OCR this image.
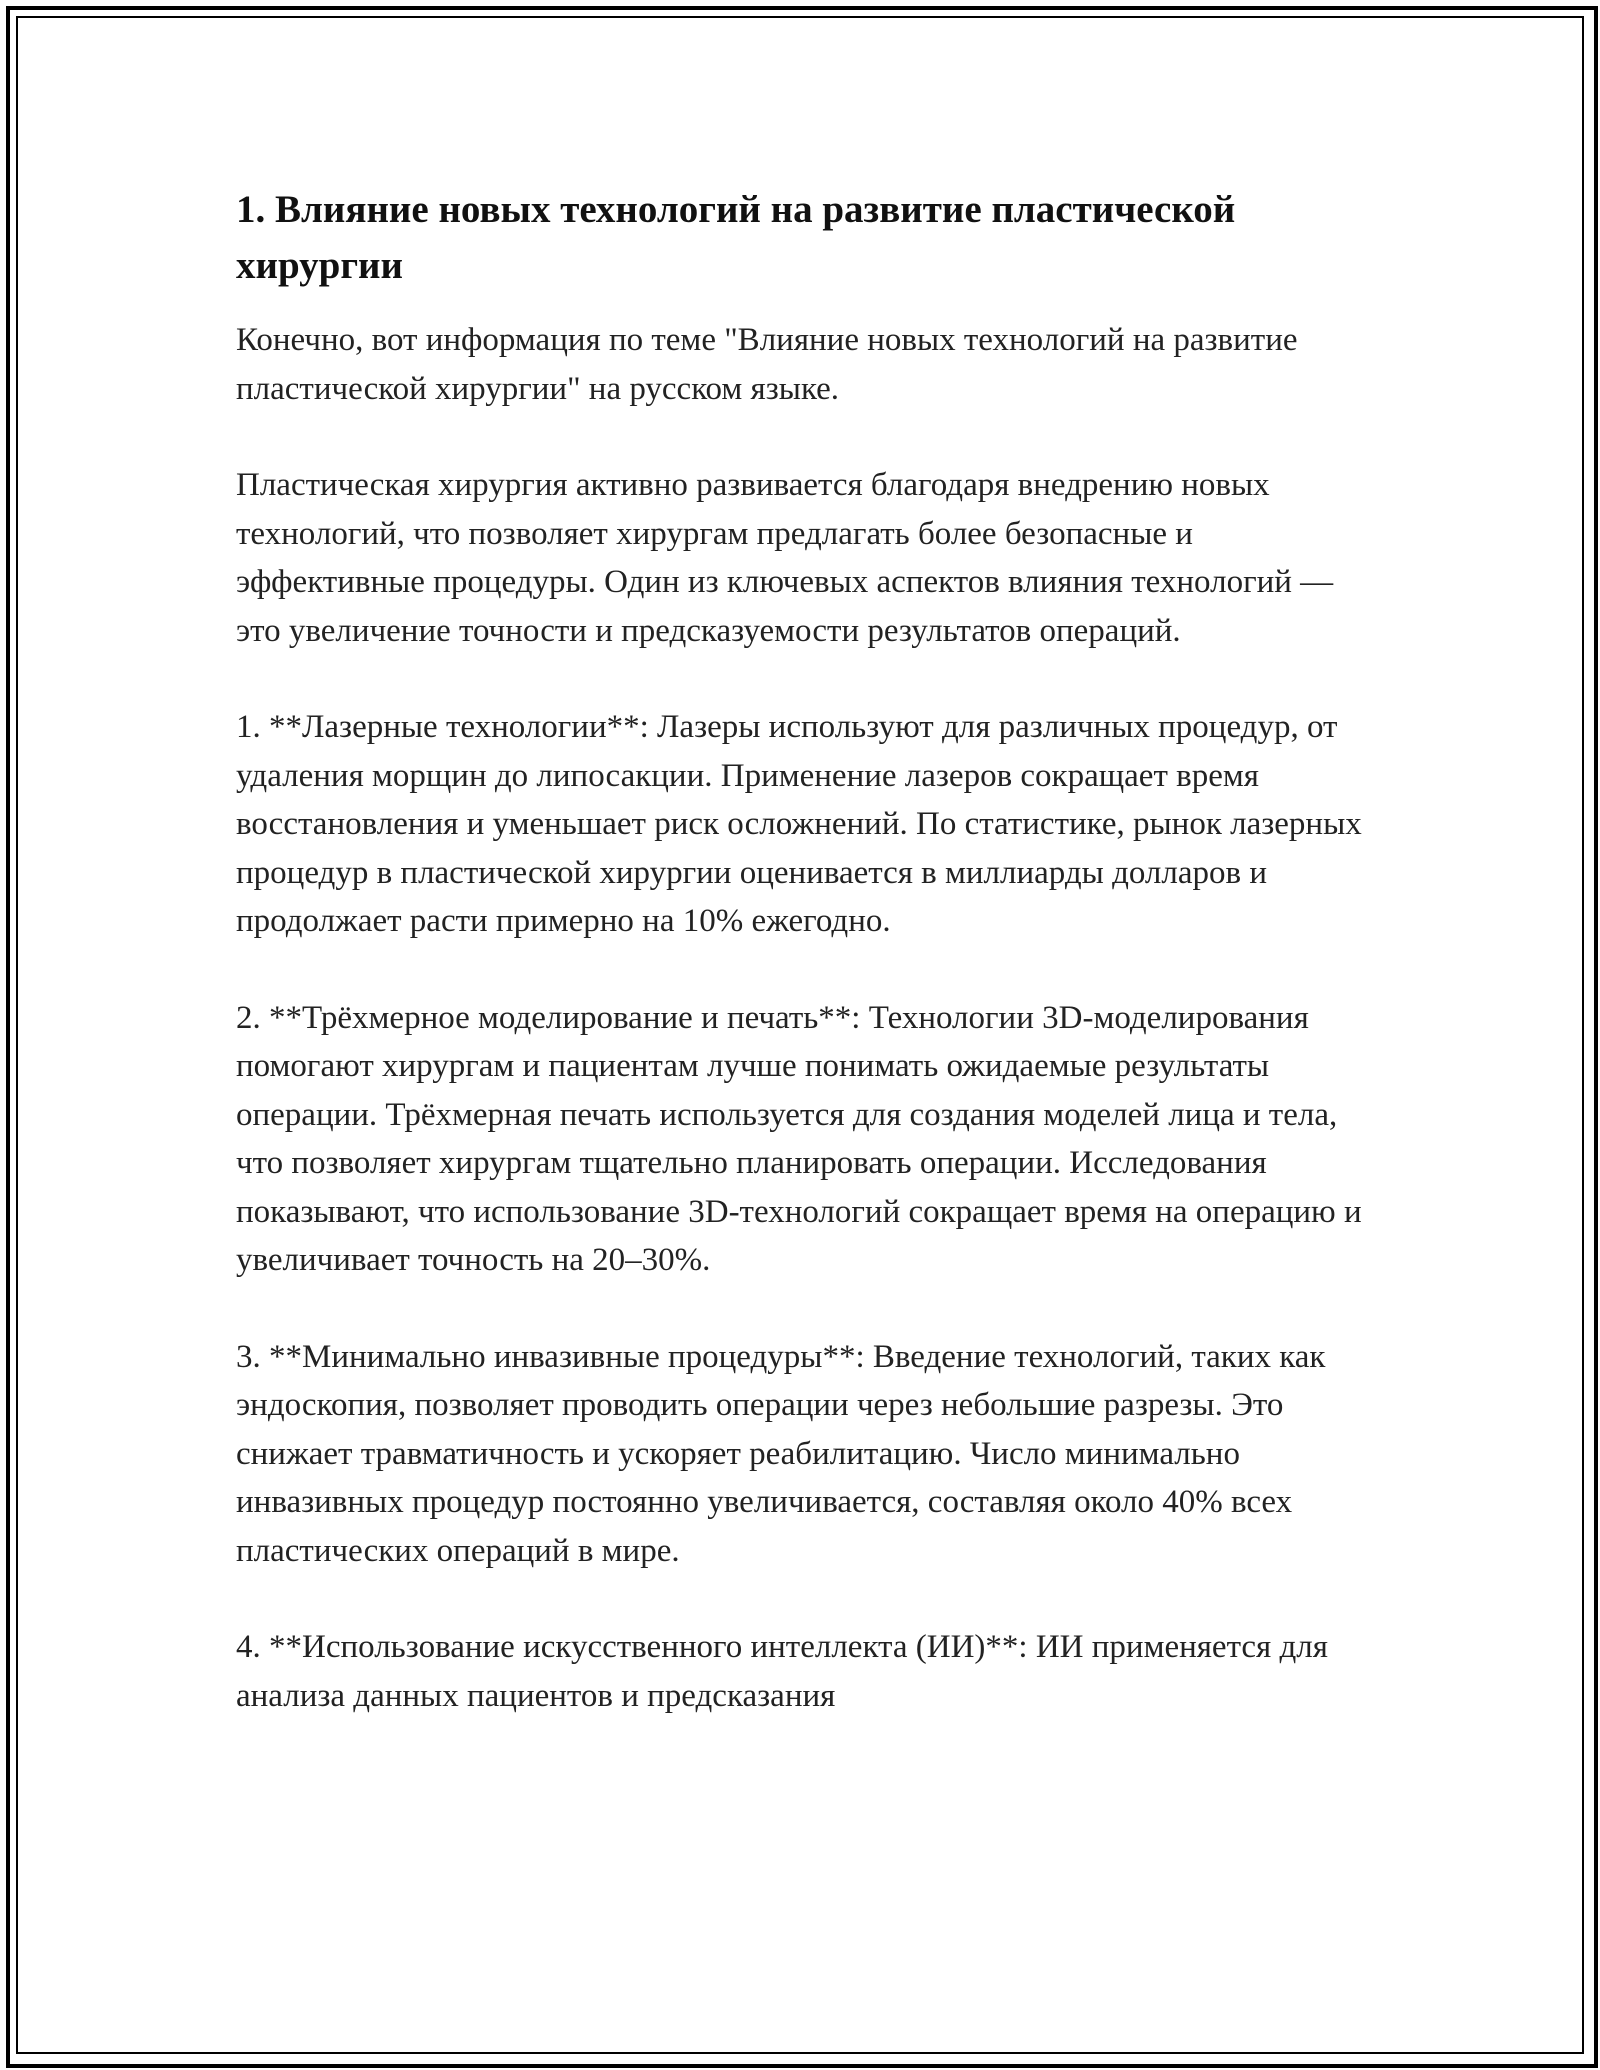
1. Влияние новых технологий на развитие пластической хирургии

Конечно, вот информация по теме "Влияние новых технологий на развитие пластической хирургии" на русском языке.

Пластическая хирургия активно развивается благодаря внедрению новых технологий, что позволяет хирургам предлагать более безопасные и эффективные процедуры. Один из ключевых аспектов влияния технологий — это увеличение точности и предсказуемости результатов операций.

1. **Лазерные технологии**: Лазеры используют для различных процедур, от удаления морщин до липосакции. Применение лазеров сокращает время восстановления и уменьшает риск осложнений. По статистике, рынок лазерных процедур в пластической хирургии оценивается в миллиарды долларов и продолжает расти примерно на 10% ежегодно.

2. **Трёхмерное моделирование и печать**: Технологии 3D-моделирования помогают хирургам и пациентам лучше понимать ожидаемые результаты операции. Трёхмерная печать используется для создания моделей лица и тела, что позволяет хирургам тщательно планировать операции. Исследования показывают, что использование 3D-технологий сокращает время на операцию и увеличивает точность на 20–30%.

3. **Минимально инвазивные процедуры**: Введение технологий, таких как эндоскопия, позволяет проводить операции через небольшие разрезы. Это снижает травматичность и ускоряет реабилитацию. Число минимально инвазивных процедур постоянно увеличивается, составляя около 40% всех пластических операций в мире.

4. **Использование искусственного интеллекта (ИИ)**: ИИ применяется для анализа данных пациентов и предсказания
